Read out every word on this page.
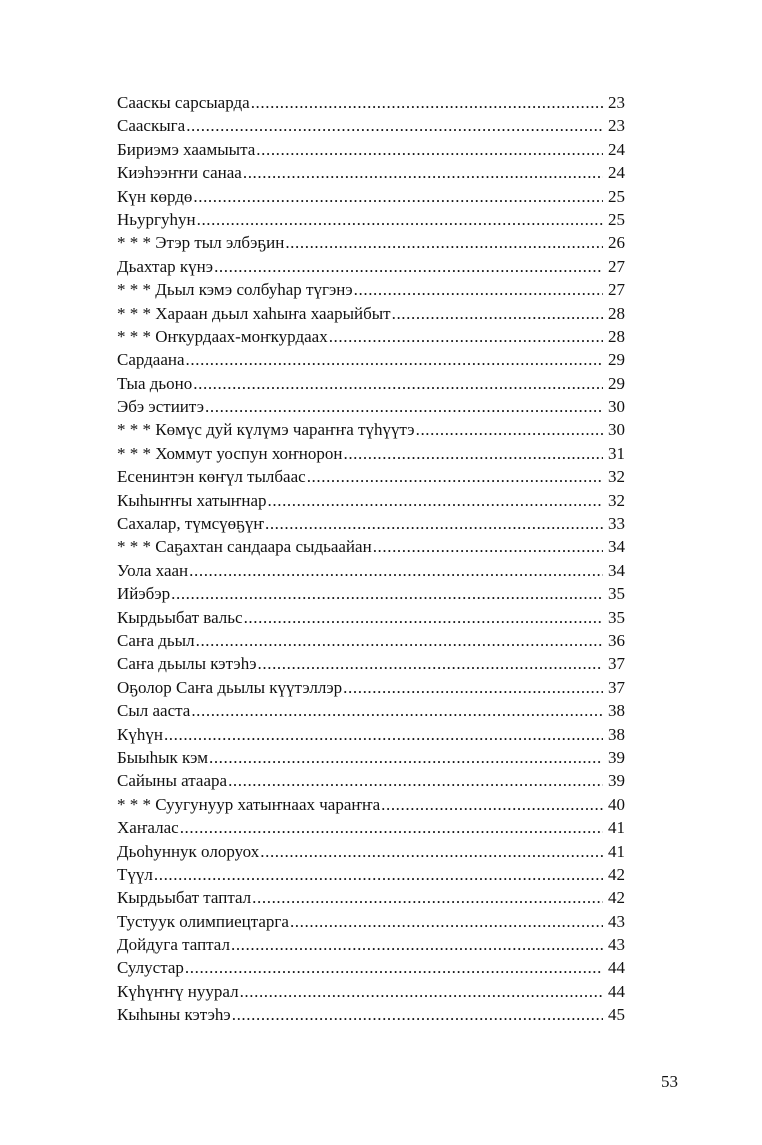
Сааскы сарсыарда .....	23
Сааскыга .....	23
Бириэмэ хаамыыта .....	24
Киэһээҥҥи санаа .....	24
Күн көрдө .....	25
Ньургуһун .....	25
* * * Этэр тыл элбэҕин .....	26
Дьахтар күнэ .....	27
* * * Дьыл кэмэ солбуһар түгэнэ .....	27
* * * Хараан дьыл хаһыҥа хаарыйбыт .....	28
* * * Оҥкурдаах-моҥкурдаах .....	28
Сардаана .....	29
Тыа дьоно .....	29
Эбэ эстиитэ .....	30
* * * Көмүс дуй күлүмэ чараҥҥа түһүүтэ .....	30
* * * Хоммут уоспун хоҥнорон .....	31
Есенинтэн көҥүл тылбаас .....	32
Кыһыҥҥы хатыҥнар .....	32
Сахалар, түмсүөҕүҥ .....	33
* * * Саҕахтан сандаара сыдьаайан .....	34
Уола хаан .....	34
Ийэбэр .....	35
Кырдьыбат вальс .....	35
Саҥа дьыл .....	36
Саҥа дьылы кэтэһэ .....	37
Оҕолор Саҥа дьылы күүтэллэр .....	37
Сыл ааста .....	38
Күһүн .....	38
Быыһык кэм .....	39
Сайыны атаара .....	39
* * * Суугунуур хатыҥнаах чараҥҥа .....	40
Хаҥалас .....	41
Дьоһуннук олоруох .....	41
Түүл .....	42
Кырдьыбат таптал .....	42
Тустуук олимпиецтарга .....	43
Дойдуга таптал .....	43
Сулустар .....	44
Күһүҥҥү нуурал .....	44
Кыһыны кэтэһэ .....	45
53
